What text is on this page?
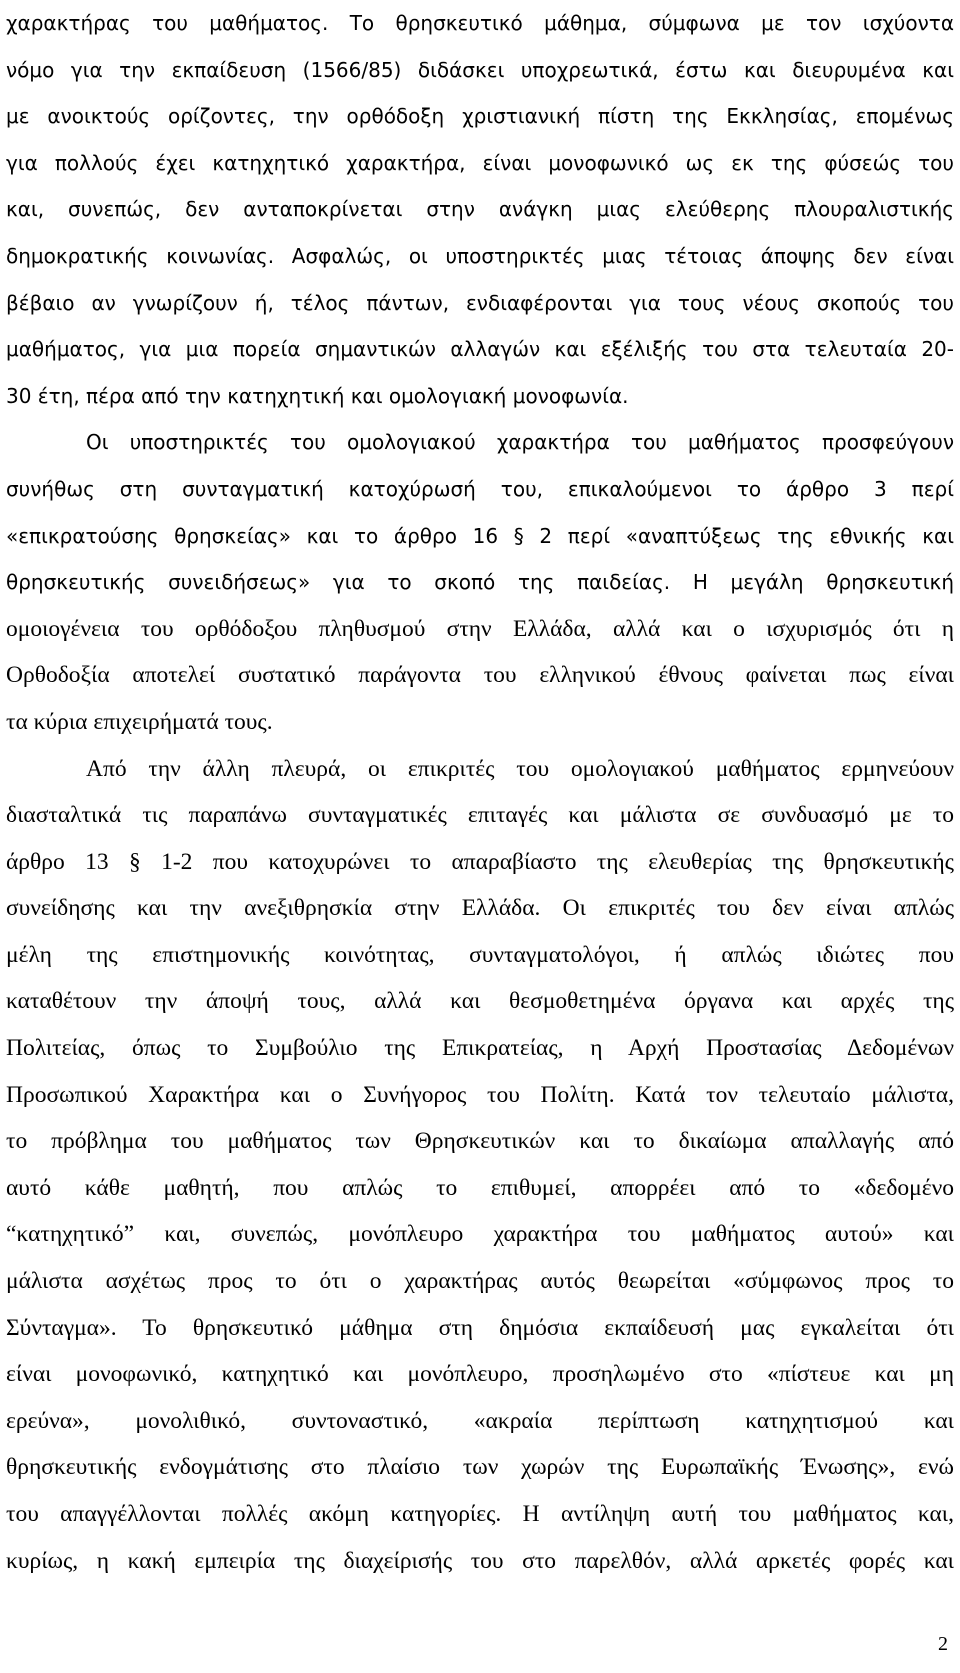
χαρακτήρας του μαθήματος. Το θρησκευτικό μάθημα, σύμφωνα με τον ισχύοντα
νόμο για την εκπαίδευση (1566/85) διδάσκει υποχρεωτικά, έστω και διευρυμένα και
με ανοικτούς ορίζοντες, την ορθόδοξη χριστιανική πίστη της Εκκλησίας, επομένως
για πολλούς έχει κατηχητικό χαρακτήρα, είναι μονοφωνικό ως εκ της φύσεώς του
και, συνεπώς, δεν ανταποκρίνεται στην ανάγκη μιας ελεύθερης πλουραλιστικής
δημοκρατικής κοινωνίας. Ασφαλώς, οι υποστηρικτές μιας τέτοιας άποψης δεν είναι
βέβαιο αν γνωρίζουν ή, τέλος πάντων, ενδιαφέρονται για τους νέους σκοπούς του
μαθήματος, για μια πορεία σημαντικών αλλαγών και εξέλιξής του στα τελευταία 20-
30 έτη, πέρα από την κατηχητική και ομολογιακή μονοφωνία.
Οι υποστηρικτές του ομολογιακού χαρακτήρα του μαθήματος προσφεύγουν
συνήθως στη συνταγματική κατοχύρωσή του, επικαλούμενοι το άρθρο 3 περί
«επικρατούσης θρησκείας» και το άρθρο 16 § 2 περί «αναπτύξεως της εθνικής και
θρησκευτικής συνειδήσεως» για το σκοπό της παιδείας. Η μεγάλη θρησκευτική
ομοιογένεια του ορθόδοξου πληθυσμού στην Ελλάδα, αλλά και ο ισχυρισμός ότι η
Ορθοδοξία αποτελεί συστατικό παράγοντα του ελληνικού έθνους φαίνεται πως είναι
τα κύρια επιχειρήματά τους.
Από την άλλη πλευρά, οι επικριτές του ομολογιακού μαθήματος ερμηνεύουν
διασταλτικά τις παραπάνω συνταγματικές επιταγές και μάλιστα σε συνδυασμό με το
άρθρο 13 § 1-2 που κατοχυρώνει το απαραβίαστο της ελευθερίας της θρησκευτικής
συνείδησης και την ανεξιθρησκία στην Ελλάδα. Οι επικριτές του δεν είναι απλώς
μέλη της επιστημονικής κοινότητας, συνταγματολόγοι, ή απλώς ιδιώτες που
καταθέτουν την άποψή τους, αλλά και θεσμοθετημένα όργανα και αρχές της
Πολιτείας, όπως το Συμβούλιο της Επικρατείας, η Αρχή Προστασίας Δεδομένων
Προσωπικού Χαρακτήρα και ο Συνήγορος του Πολίτη. Κατά τον τελευταίο μάλιστα,
το πρόβλημα του μαθήματος των Θρησκευτικών και το δικαίωμα απαλλαγής από
αυτό κάθε μαθητή, που απλώς το επιθυμεί, απορρέει από το «δεδομένο
“κατηχητικό” και, συνεπώς, μονόπλευρο χαρακτήρα του μαθήματος αυτού» και
μάλιστα ασχέτως προς το ότι ο χαρακτήρας αυτός θεωρείται «σύμφωνος προς το
Σύνταγμα». Το θρησκευτικό μάθημα στη δημόσια εκπαίδευσή μας εγκαλείται ότι
είναι μονοφωνικό, κατηχητικό και μονόπλευρο, προσηλωμένο στο «πίστευε και μη
ερεύνα», μονολιθικό, συντοναστικό, «ακραία περίπτωση κατηχητισμού και
θρησκευτικής ενδογμάτισης στο πλαίσιο των χωρών της Ευρωπαϊκής Ένωσης», ενώ
του απαγγέλλονται πολλές ακόμη κατηγορίες. Η αντίληψη αυτή του μαθήματος και,
κυρίως, η κακή εμπειρία της διαχείρισής του στο παρελθόν, αλλά αρκετές φορές και
2
